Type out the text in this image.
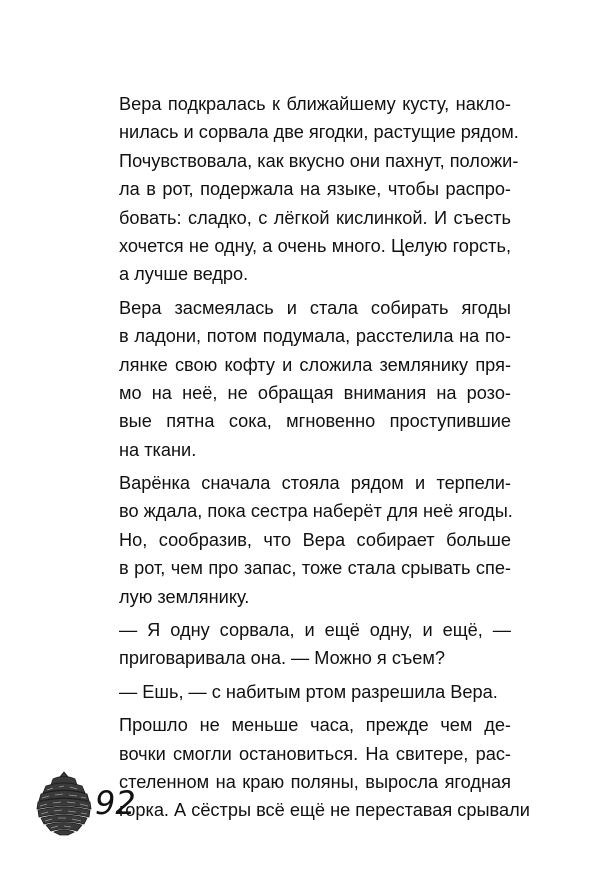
Вера подкралась к ближайшему кусту, накло-
нилась и сорвала две ягодки, растущие рядом.
Почувствовала, как вкусно они пахнут, положи-
ла в рот, подержала на языке, чтобы распро-
бовать: сладко, с лёгкой кислинкой. И съесть
хочется не одну, а очень много. Целую горсть,
а лучше ведро.
Вера засмеялась и стала собирать ягоды
в ладони, потом подумала, расстелила на по-
лянке свою кофту и сложила землянику пря-
мо на неё, не обращая внимания на розо-
вые пятна сока, мгновенно проступившие
на ткани.
Варёнка сначала стояла рядом и терпели-
во ждала, пока сестра наберёт для неё ягоды.
Но, сообразив, что Вера собирает больше
в рот, чем про запас, тоже стала срывать спе-
лую землянику.
— Я одну сорвала, и ещё одну, и ещё, —
приговаривала она. — Можно я съем?
— Ешь, — с набитым ртом разрешила Вера.
Прошло не меньше часа, прежде чем де-
вочки смогли остановиться. На свитере, рас-
стеленном на краю поляны, выросла ягодная
горка. А сёстры всё ещё не переставая срывали
92
